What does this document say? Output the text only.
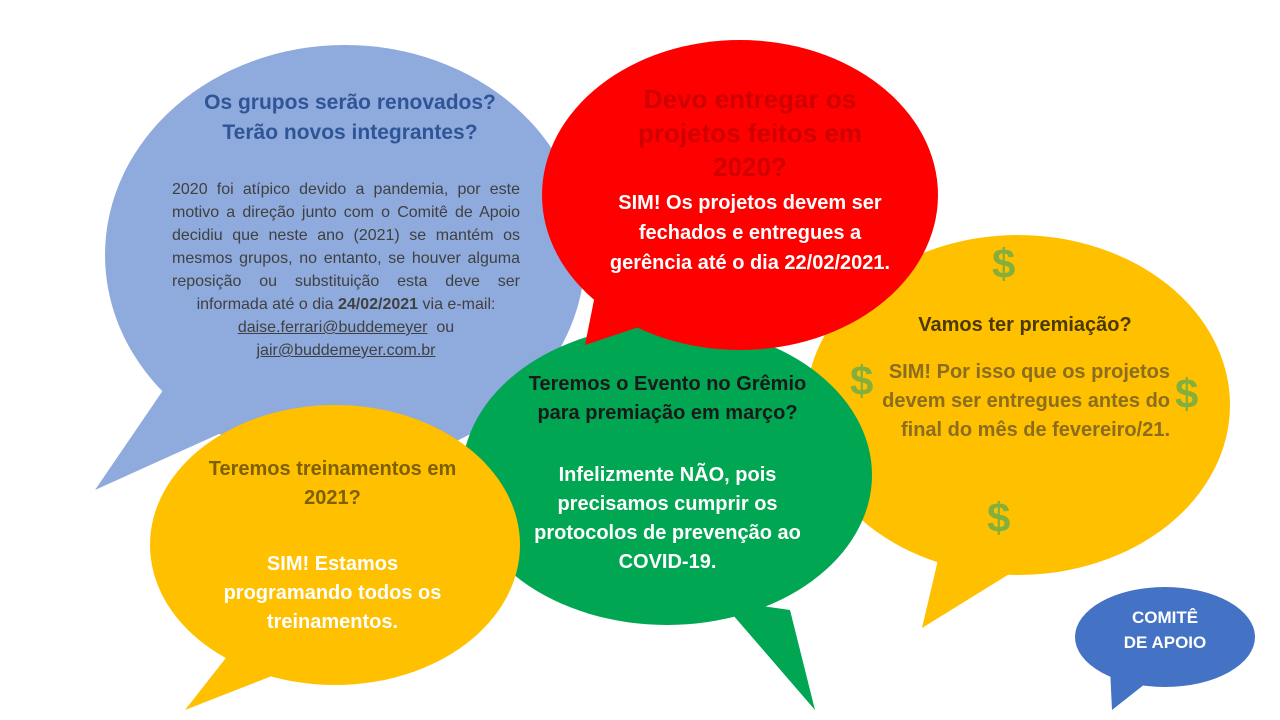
Os grupos serão renovados?
Terão novos integrantes?
2020 foi atípico devido a pandemia, por este motivo a direção junto com o Comitê de Apoio decidiu que neste ano (2021) se mantém os mesmos grupos, no entanto, se houver alguma reposição ou substituição esta deve ser informada até o dia 24/02/2021 via e-mail:
daise.ferrari@buddemeyer ou
jair@buddemeyer.com.br
Devo entregar os projetos feitos em 2020?
SIM! Os projetos devem ser fechados e entregues a gerência até o dia 22/02/2021.
Teremos o Evento no Grêmio para premiação em março?
Infelizmente NÃO, pois precisamos cumprir os protocolos de prevenção ao COVID-19.
Teremos treinamentos em 2021?
SIM! Estamos programando todos os treinamentos.
Vamos ter premiação?
SIM! Por isso que os projetos devem ser entregues antes do final do mês de fevereiro/21.
$
$	$
$
COMITÊ
DE APOIO
